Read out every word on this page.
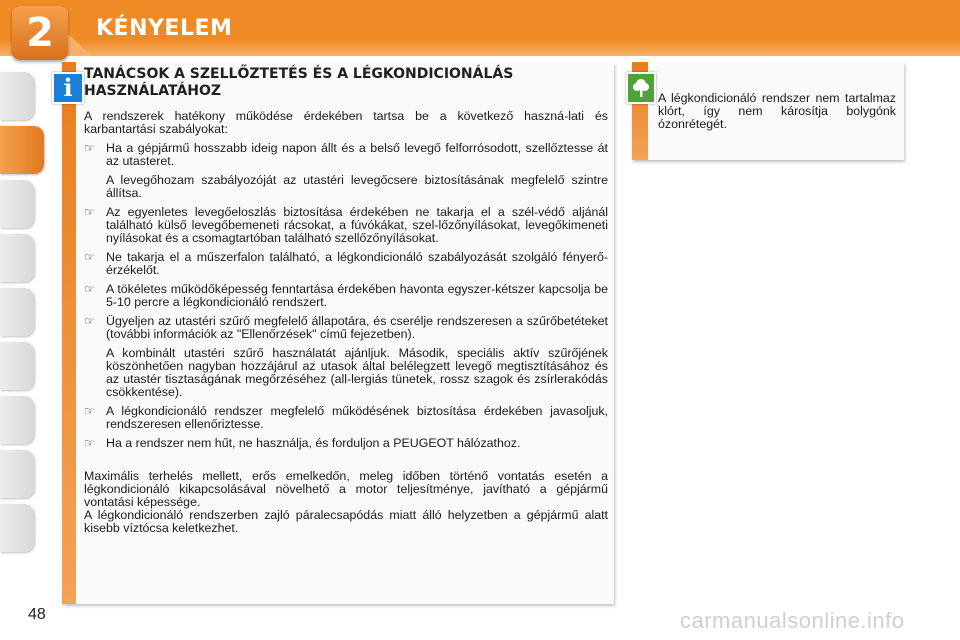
2	KÉNYELEM
i TANÁCSOK A SZELLŐZTETÉS ÉS A LÉGKONDICIONÁLÁS HASZNÁLATÁHOZ

A rendszerek hatékony működése érdekében tartsa be a következő haszná-lati és karbantartási szabályokat:

☞ Ha a gépjármű hosszabb ideig napon állt és a belső levegő felforrósodott, szellőztesse át az utasteret.
A levegőhozam szabályozóját az utastéri levegőcsere biztosításának megfelelő szintre állítsa.
☞ Az egyenletes levegőeloszlás biztosítása érdekében ne takarja el a szél-védő aljánál található külső levegőbemeneti rácsokat, a fúvókákat, szel-lőzőnyílásokat, levegőkimeneti nyílásokat és a csomagtartóban található szellőzőnyílásokat.
☞ Ne takarja el a műszerfalon található, a légkondicionáló szabályozását szolgáló fényerő-érzékelőt.
☞ A tökéletes működőképesség fenntartása érdekében havonta egyszer-kétszer kapcsolja be 5-10 percre a légkondicionáló rendszert.
☞ Ügyeljen az utastéri szűrő megfelelő állapotára, és cserélje rendszeresen a szűrőbetéteket (további információk az "Ellenőrzések" című fejezetben).
A kombinált utastéri szűrő használatát ajánljuk. Második, speciális aktív szűrőjének köszönhetően nagyban hozzájárul az utasok által belélegzett levegő megtisztításához és az utastér tisztaságának megőrzéséhez (all-lergiás tünetek, rossz szagok és zsírlerakódás csökkentése).
☞ A légkondicionáló rendszer megfelelő működésének biztosítása érdekében javasoljuk, rendszeresen ellenőriztesse.
☞ Ha a rendszer nem hűt, ne használja, és forduljon a PEUGEOT hálózathoz.

Maximális terhelés mellett, erős emelkedőn, meleg időben történő vontatás esetén a légkondicionáló kikapcsolásával növelhető a motor teljesítménye, javítható a gépjármű vontatási képessége.

A légkondicionáló rendszerben zajló páralecsapódás miatt álló helyzetben a gépjármű alatt kisebb víztócsa keletkezhet.

A légkondicionáló rendszer nem tartalmaz klórt, így nem károsítja bolygónk ózonrétegét.
48	carmanualsonline.info
